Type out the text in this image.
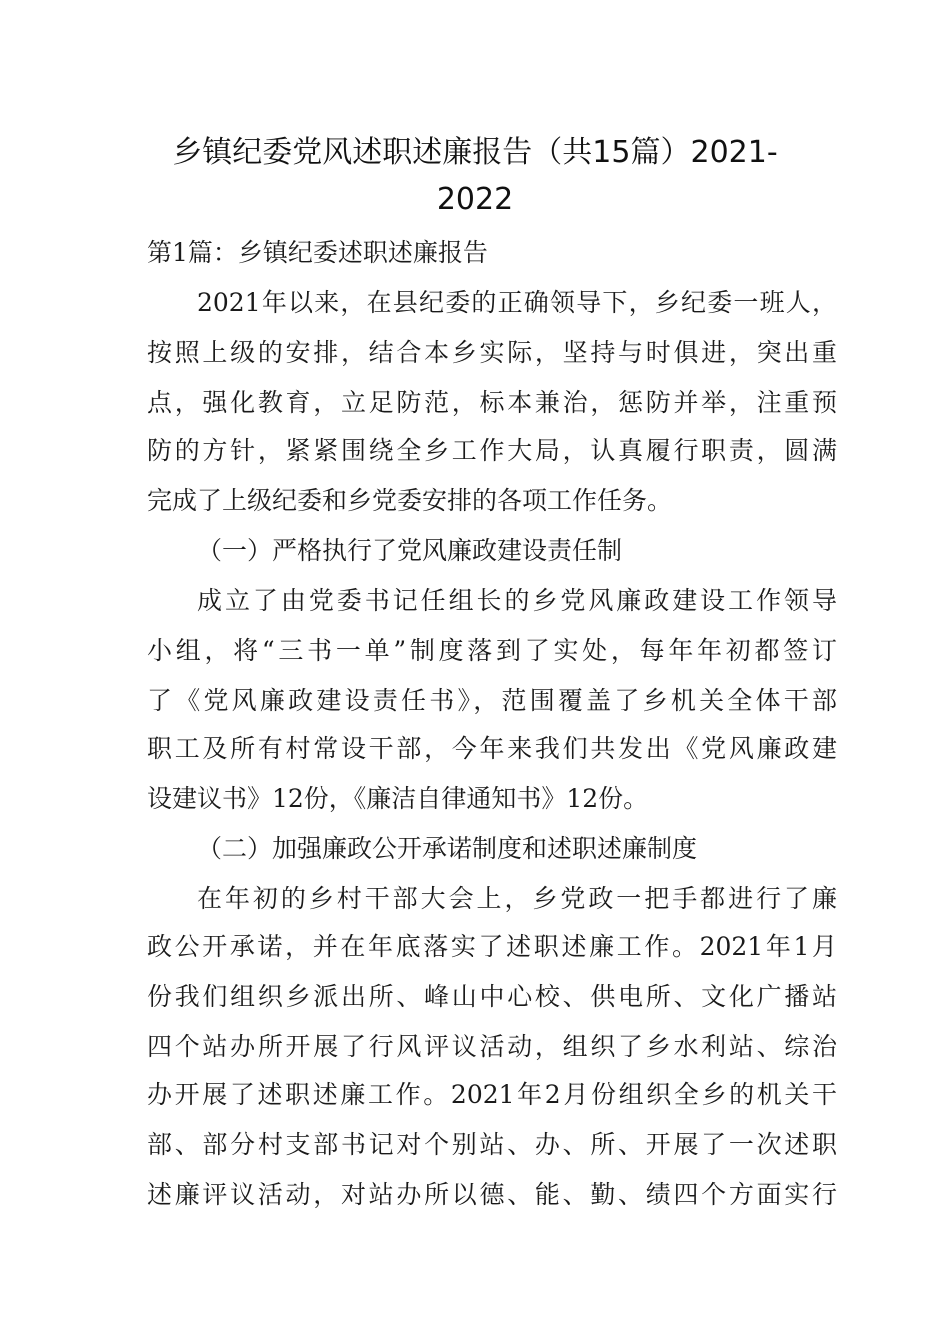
乡镇纪委党风述职述廉报告（共15篇）2021-
2022

第1篇：乡镇纪委述职述廉报告

2021年以来，在县纪委的正确领导下，乡纪委一班人，

按照上级的安排，结合本乡实际，坚持与时俱进，突出重

点，强化教育，立足防范，标本兼治，惩防并举，注重预

防的方针，紧紧围绕全乡工作大局，认真履行职责，圆满

完成了上级纪委和乡党委安排的各项工作任务。

（一）严格执行了党风廉政建设责任制

成立了由党委书记任组长的乡党风廉政建设工作领导

小组，将“三书一单”制度落到了实处，每年年初都签订

了《党风廉政建设责任书》，范围覆盖了乡机关全体干部

职工及所有村常设干部，今年来我们共发出《党风廉政建

设建议书》12份，《廉洁自律通知书》12份。

（二）加强廉政公开承诺制度和述职述廉制度

在年初的乡村干部大会上，乡党政一把手都进行了廉

政公开承诺，并在年底落实了述职述廉工作。2021年1月

份我们组织乡派出所、峰山中心校、供电所、文化广播站

四个站办所开展了行风评议活动，组织了乡水利站、综治

办开展了述职述廉工作。2021年2月份组织全乡的机关干

部、部分村支部书记对个别站、办、所、开展了一次述职

述廉评议活动，对站办所以德、能、勤、绩四个方面实行
